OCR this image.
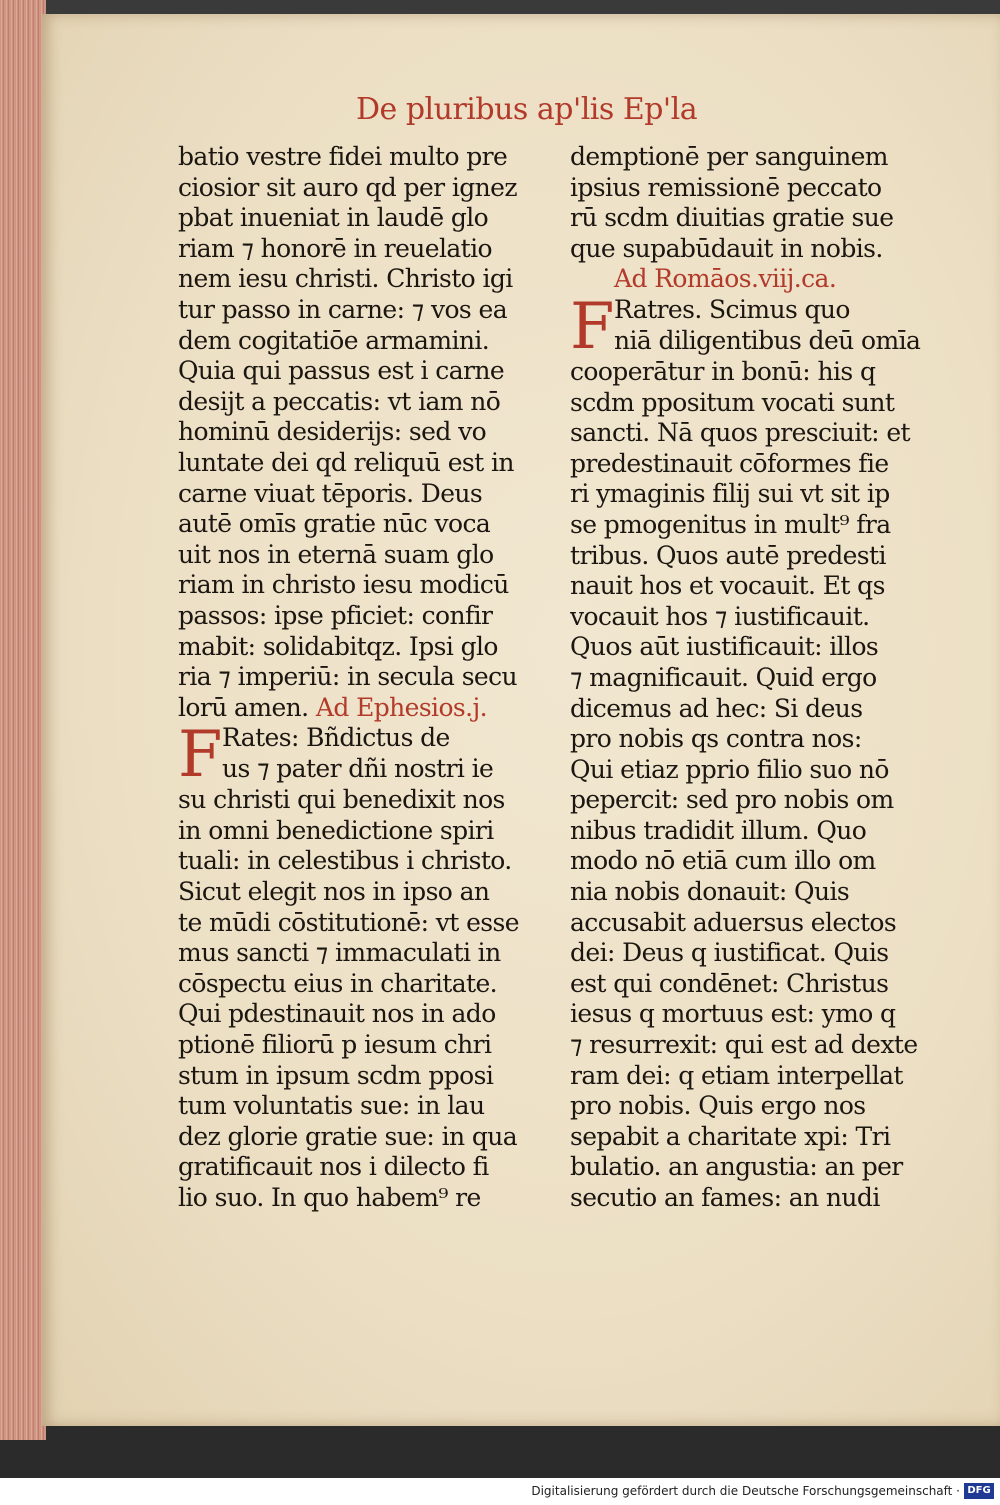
De pluribus ap'lis Ep'la
batio vestre fidei multo pre
ciosior sit auro qd per ignez
pbat inueniat in laudē glo
riam ⁊ honorē in reuelatio
nem iesu christi. Christo igi
tur passo in carne: ⁊ vos ea
dem cogitatiōe armamini.
Quia qui passus est i carne
desijt a peccatis: vt iam nō
hominū desiderijs: sed vo
luntate dei qd reliquū est in
carne viuat tēporis. Deus
autē omīs gratie nūc voca
uit nos in eternā suam glo
riam in christo iesu modicū
passos: ipse pficiet: confir
mabit: solidabitqz. Ipsi glo
ria ⁊ imperiū: in secula secu
lorū amen. Ad Ephesios.j.
F Rates: Bñdictus de
us ⁊ pater dñi nostri ie
su christi qui benedixit nos
in omni benedictione spiri
tuali: in celestibus i christo.
Sicut elegit nos in ipso an
te mūdi cōstitutionē: vt esse
mus sancti ⁊ immaculati in
cōspectu eius in charitate.
Qui pdestinauit nos in ado
ptionē filiorū p iesum chri
stum in ipsum scdm pposi
tum voluntatis sue: in lau
dez glorie gratie sue: in qua
gratificauit nos i dilecto fi
lio suo. In quo habem⁹ re
demptionē per sanguinem
ipsius remissionē peccato
rū scdm diuitias gratie sue
que supabūdauit in nobis.
Ad Romāos.viij.ca.
F Ratres. Scimus quo
niā diligentibus deū omīa
cooperātur in bonū: his q
scdm ppositum vocati sunt
sancti. Nā quos presciuit: et
predestinauit cōformes fie
ri ymaginis filij sui vt sit ip
se pmogenitus in mult⁹ fra
tribus. Quos autē predesti
nauit hos et vocauit. Et qs
vocauit hos ⁊ iustificauit.
Quos aūt iustificauit: illos
⁊ magnificauit. Quid ergo
dicemus ad hec: Si deus
pro nobis qs contra nos:
Qui etiaz pprio filio suo nō
pepercit: sed pro nobis om
nibus tradidit illum. Quo
modo nō etiā cum illo om
nia nobis donauit: Quis
accusabit aduersus electos
dei: Deus q iustificat. Quis
est qui condēnet: Christus
iesus q mortuus est: ymo q
⁊ resurrexit: qui est ad dexte
ram dei: q etiam interpellat
pro nobis. Quis ergo nos
sepabit a charitate xpi: Tri
bulatio. an angustia: an per
secutio an fames: an nudi
Digitalisierung gefördert durch die Deutsche Forschungsgemeinschaft · DFG
